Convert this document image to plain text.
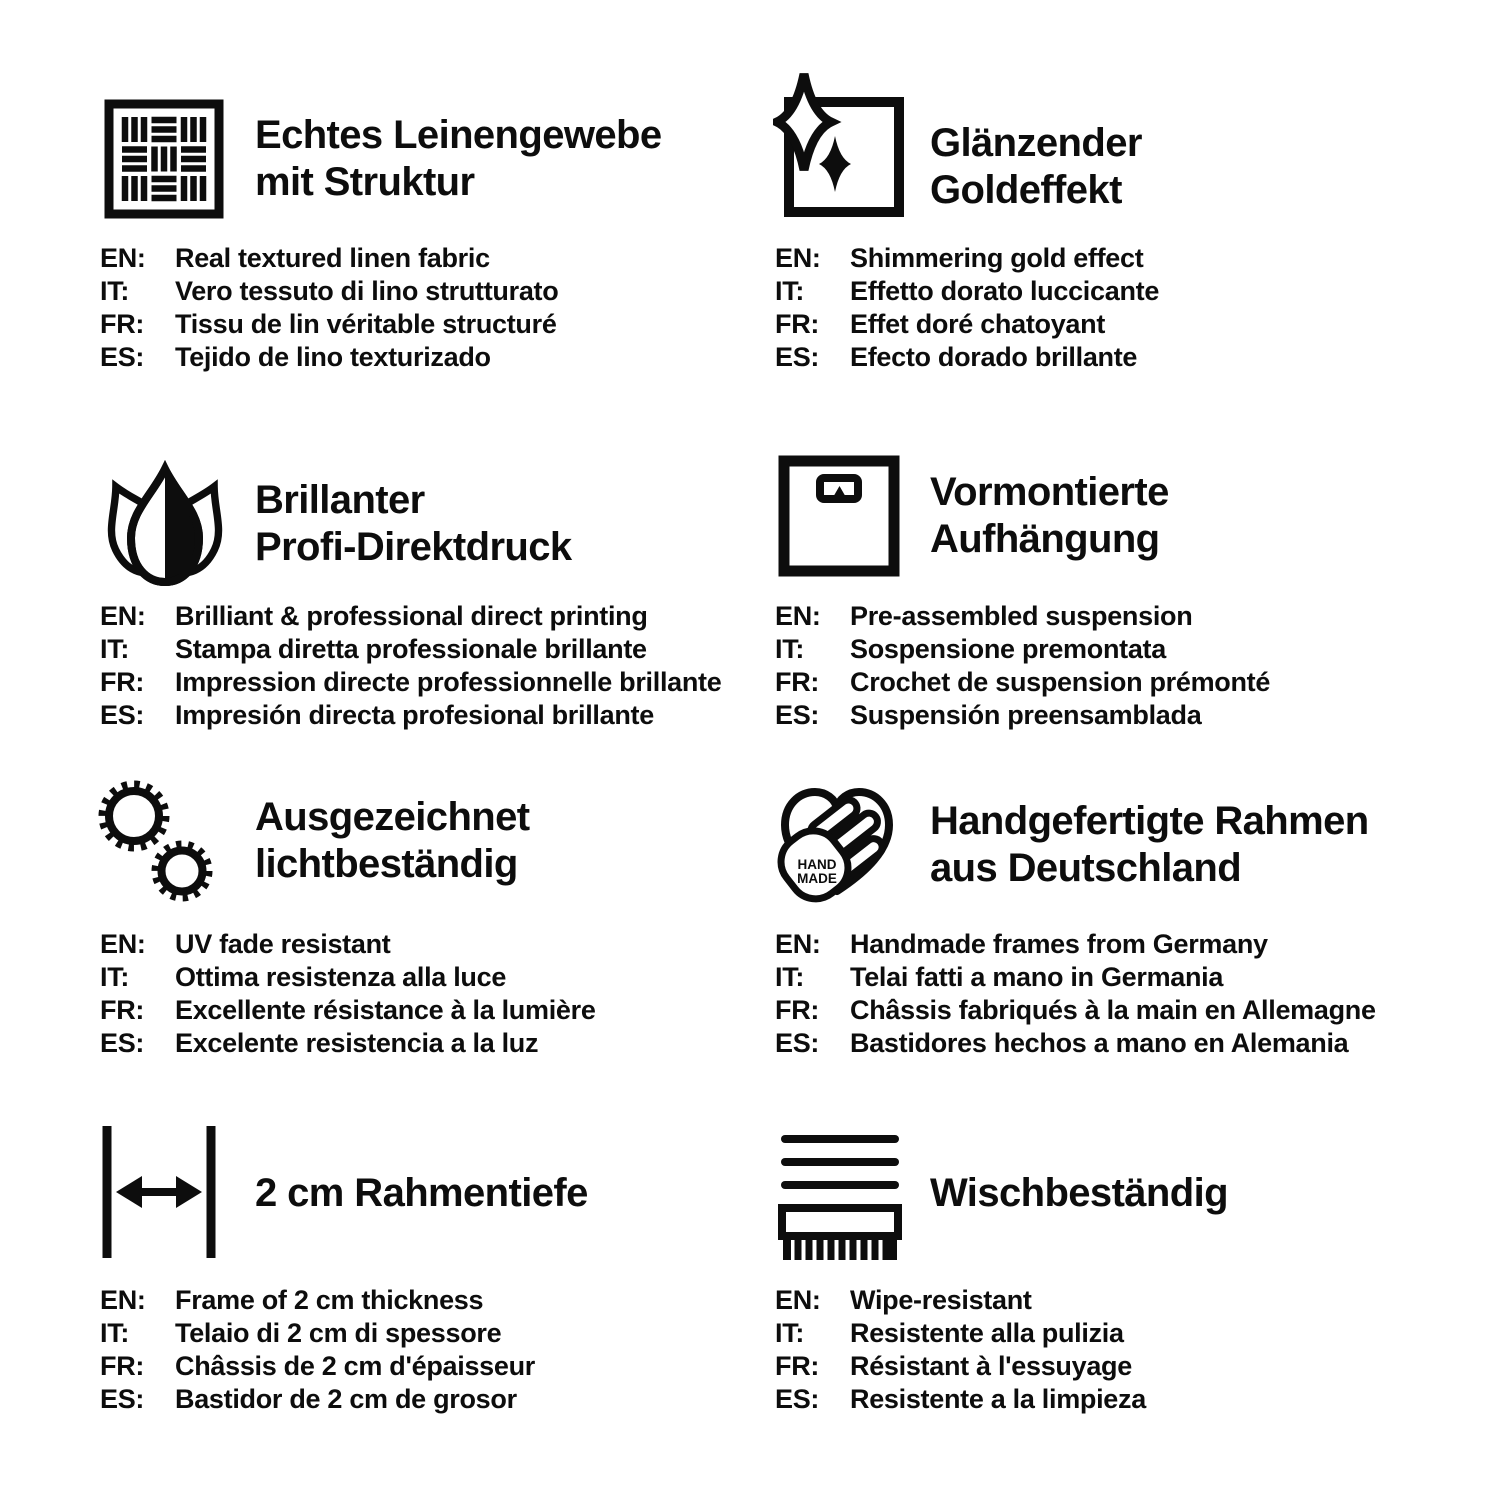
Echtes Leinengewebe
mit Struktur
EN:	Real textured linen fabric
IT:	Vero tessuto di lino strutturato
FR:	Tissu de lin véritable structuré
ES:	Tejido de lino texturizado
Glänzender
Goldeffekt
EN:	Shimmering gold effect
IT:	Effetto dorato luccicante
FR:	Effet doré chatoyant
ES:	Efecto dorado brillante
Brillanter
Profi-Direktdruck
EN:	Brilliant & professional direct printing
IT:	Stampa diretta professionale brillante
FR:	Impression directe professionnelle brillante
ES:	Impresión directa profesional brillante
Vormontierte
Aufhängung
EN:	Pre-assembled suspension
IT:	Sospensione premontata
FR:	Crochet de suspension prémonté
ES:	Suspensión preensamblada
Ausgezeichnet
lichtbeständig
EN:	UV fade resistant
IT:	Ottima resistenza alla luce
FR:	Excellente résistance à la lumière
ES:	Excelente resistencia a la luz
HAND
MADE
Handgefertigte Rahmen
aus Deutschland
EN:	Handmade frames from Germany
IT:	Telai fatti a mano in Germania
FR:	Châssis fabriqués à la main en Allemagne
ES:	Bastidores hechos a mano en Alemania
2 cm Rahmentiefe
EN:	Frame of 2 cm thickness
IT:	Telaio di 2 cm di spessore
FR:	Châssis de 2 cm d'épaisseur
ES:	Bastidor de 2 cm de grosor
Wischbeständig
EN:	Wipe-resistant
IT:	Resistente alla pulizia
FR:	Résistant à l'essuyage
ES:	Resistente a la limpieza
